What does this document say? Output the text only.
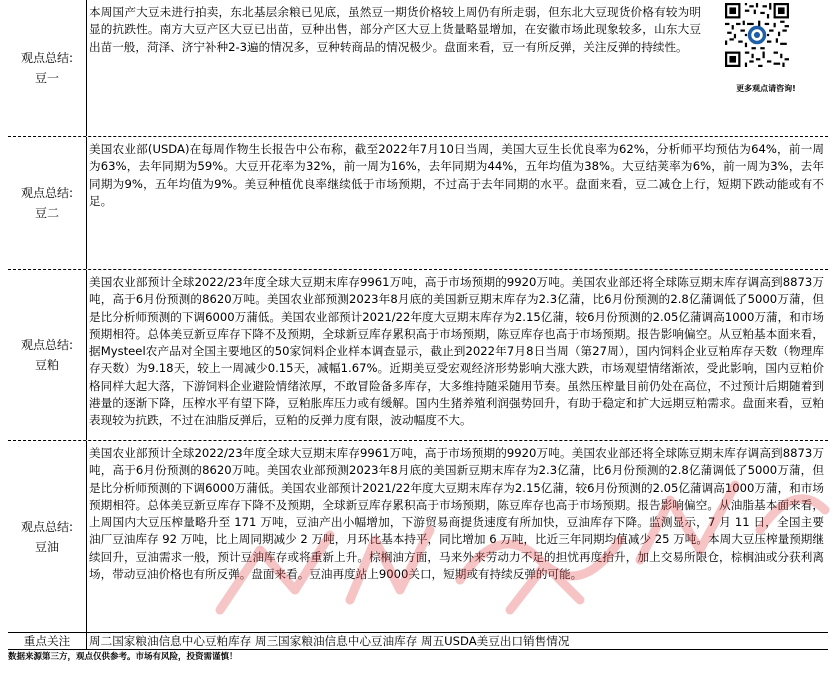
观点总结:
豆一
本周国产大豆未进行拍卖，东北基层余粮已见底，虽然豆一期货价格较上周仍有所走弱，但东北大豆现货价格有较为明显的抗跌性。南方大豆产区大豆已出苗，豆种出售，部分产区大豆上货量略显增加，在安徽市场此现象较多，山东大豆出苗一般，菏泽、济宁补种2-3遍的情况多，豆种转商品的情况极少。盘面来看，豆一有所反弹，关注反弹的持续性。
更多观点请咨询!
观点总结:
豆二
美国农业部(USDA)在每周作物生长报告中公布称，截至2022年7月10日当周，美国大豆生长优良率为62%，分析师平均预估为64%，前一周为63%，去年同期为59%。大豆开花率为32%，前一周为16%，去年同期为44%，五年均值为38%。大豆结荚率为6%，前一周为3%，去年同期为9%，五年均值为9%。美豆种植优良率继续低于市场预期，不过高于去年同期的水平。盘面来看，豆二减仓上行，短期下跌动能或有不足。
观点总结:
豆粕
美国农业部预计全球2022/23年度全球大豆期末库存9961万吨，高于市场预期的9920万吨。美国农业部还将全球陈豆期末库存调高到8873万吨，高于6月份预测的8620万吨。美国农业部预测2023年8月底的美国新豆期末库存为2.3亿蒲，比6月份预测的2.8亿蒲调低了5000万蒲，但是比分析师预测的下调6000万蒲低。美国农业部预计2021/22年度大豆期末库存为2.15亿蒲，较6月份预测的2.05亿蒲调高1000万蒲，和市场预期相符。总体美豆新豆库存下降不及预期，全球新豆库存累积高于市场预期，陈豆库存也高于市场预期。报告影响偏空。从豆粕基本面来看，据Mysteel农产品对全国主要地区的50家饲料企业样本调查显示，截止到2022年7月8日当周（第27周），国内饲料企业豆粕库存天数（物理库存天数）为9.18天，较上一周减少0.15天，减幅1.67%。近期美豆受宏观经济形势影响大涨大跌，市场观望情绪渐浓，受此影响，国内豆粕价格同样大起大落，下游饲料企业避险情绪浓厚，不敢冒险备多库存，大多维持随采随用节奏。虽然压榨量目前仍处在高位，不过预计后期随着到港量的逐渐下降，压榨水平有望下降，豆粕胀库压力或有缓解。国内生猪养殖利润强势回升，有助于稳定和扩大远期豆粕需求。盘面来看，豆粕表现较为抗跌，不过在油脂反弹后，豆粕的反弹力度有限，波动幅度不大。
观点总结:
豆油
美国农业部预计全球2022/23年度全球大豆期末库存9961万吨，高于市场预期的9920万吨。美国农业部还将全球陈豆期末库存调高到8873万吨，高于6月份预测的8620万吨。美国农业部预测2023年8月底的美国新豆期末库存为2.3亿蒲，比6月份预测的2.8亿蒲调低了5000万蒲，但是比分析师预测的下调6000万蒲低。美国农业部预计2021/22年度大豆期末库存为2.15亿蒲，较6月份预测的2.05亿蒲调高1000万蒲，和市场预期相符。总体美豆新豆库存下降不及预期，全球新豆库存累积高于市场预期，陈豆库存也高于市场预期。报告影响偏空。从油脂基本面来看，上周国内大豆压榨量略升至 171 万吨，豆油产出小幅增加，下游贸易商提货速度有所加快，豆油库存下降。监测显示，7 月 11 日，全国主要油厂豆油库存 92 万吨，比上周同期减少 2 万吨，月环比基本持平，同比增加 6 万吨，比近三年同期均值减少 25 万吨。本周大豆压榨量预期继续回升，豆油需求一般，预计豆油库存或将重新上升。棕榈油方面，马来外来劳动力不足的担忧再度抬升，加上交易所限仓，棕榈油或分获利离场，带动豆油价格也有所反弹。盘面来看。豆油再度站上9000关口，短期或有持续反弹的可能。
重点关注	周二国家粮油信息中心豆粕库存 周三国家粮油信息中心豆油库存 周五USDA美豆出口销售情况
数据来源第三方，观点仅供参考。市场有风险，投资需谨慎！
